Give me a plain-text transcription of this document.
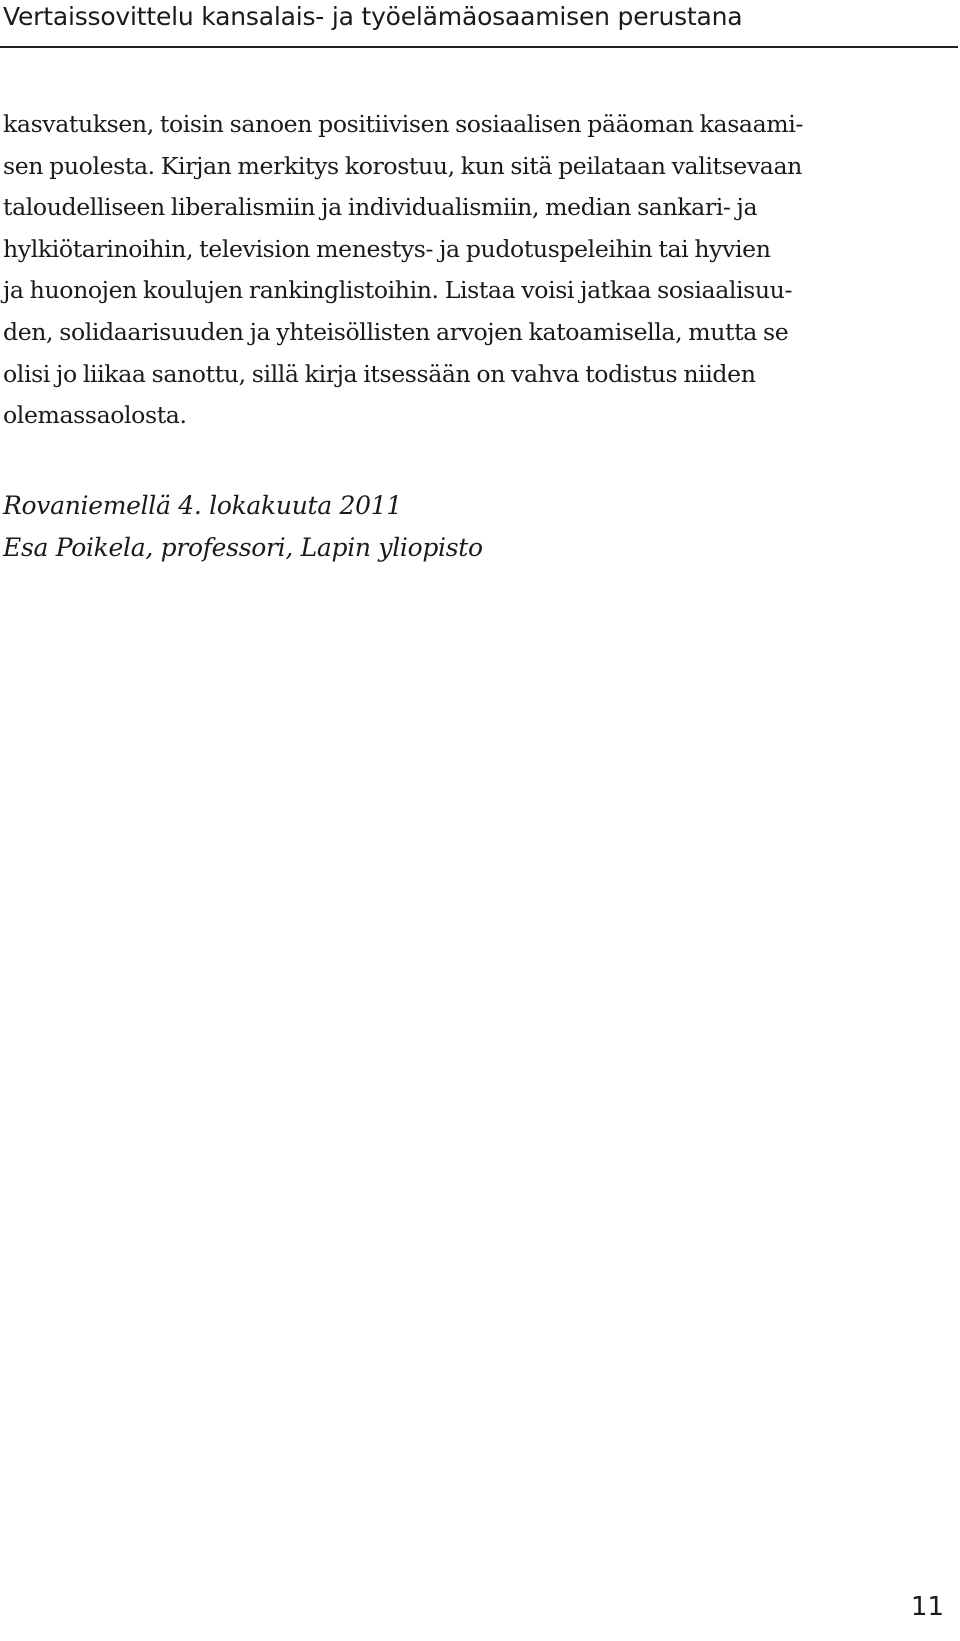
Vertaissovittelu kansalais- ja työelämäosaamisen perustana
kasvatuksen, toisin sanoen positiivisen sosiaalisen pääoman kasaami-
sen puolesta. Kirjan merkitys korostuu, kun sitä peilataan valitsevaan
taloudelliseen liberalismiin ja individualismiin, median sankari- ja
hylkiötarinoihin, television menestys- ja pudotuspeleihin tai hyvien
ja huonojen koulujen rankinglistoihin. Listaa voisi jatkaa sosiaalisuu-
den, solidaarisuuden ja yhteisöllisten arvojen katoamisella, mutta se
olisi jo liikaa sanottu, sillä kirja itsessään on vahva todistus niiden
olemassaolosta.
Rovaniemellä 4. lokakuuta 2011
Esa Poikela, professori, Lapin yliopisto
11
